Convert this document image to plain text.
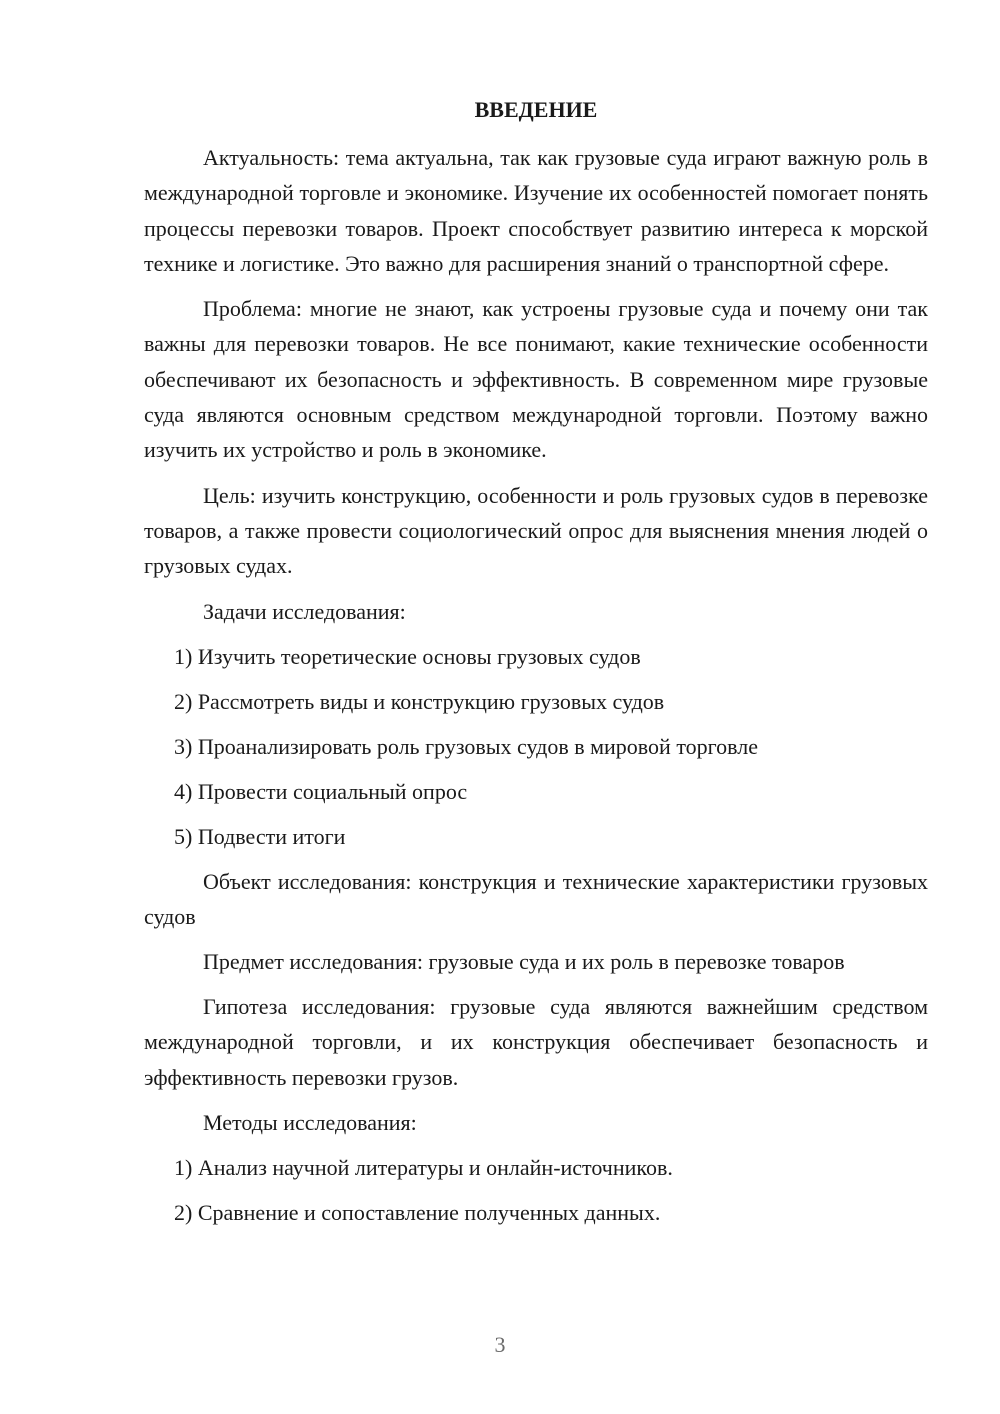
ВВЕДЕНИЕ

Актуальность: тема актуальна, так как грузовые суда играют важную роль в международной торговле и экономике. Изучение их особенностей помогает понять процессы перевозки товаров. Проект способствует развитию интереса к морской технике и логистике. Это важно для расширения знаний о транспортной сфере.

Проблема: многие не знают, как устроены грузовые суда и почему они так важны для перевозки товаров. Не все понимают, какие технические особенности обеспечивают их безопасность и эффективность. В современном мире грузовые суда являются основным средством международной торговли. Поэтому важно изучить их устройство и роль в экономике.

Цель: изучить конструкцию, особенности и роль грузовых судов в перевозке товаров, а также провести социологический опрос для выяснения мнения людей о грузовых судах.

Задачи исследования:
1) Изучить теоретические основы грузовых судов
2) Рассмотреть виды и конструкцию грузовых судов
3) Проанализировать роль грузовых судов в мировой торговле
4) Провести социальный опрос
5) Подвести итоги

Объект исследования: конструкция и технические характеристики грузовых судов

Предмет исследования: грузовые суда и их роль в перевозке товаров

Гипотеза исследования: грузовые суда являются важнейшим средством международной торговли, и их конструкция обеспечивает безопасность и эффективность перевозки грузов.

Методы исследования:
1) Анализ научной литературы и онлайн-источников.
2) Сравнение и сопоставление полученных данных.
3
